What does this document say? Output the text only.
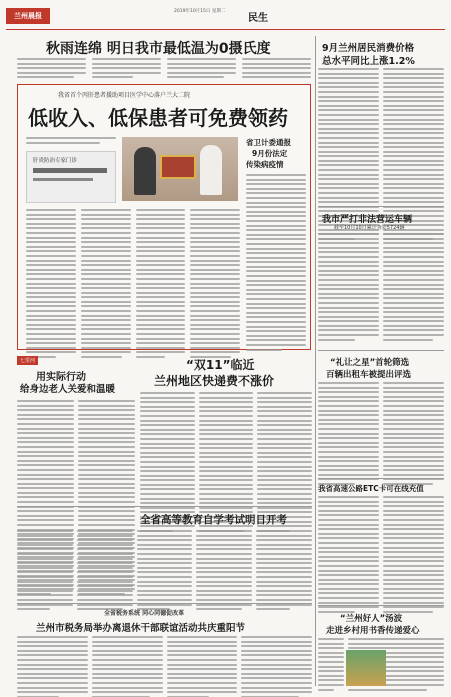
兰州晨报
2019年10月15日 星期二
民生
秋雨连绵 明日我市最低温为0摄氏度
我省首个丙肝患者援助项目医学中心落户兰大二院
低收入、低保患者可免费领药
肝炎防治专家门诊
省卫计委通报
9月份法定
传染病疫情
9月兰州居民消费价格
总水平同比上涨1.2%
我市严打非法营运车辆
截至10月10日累计查处5724辆
“礼让之星”首轮筛选
百辆出租车被提出评选
我省高速公路ETC卡可在线充值
“兰州好人”汤波
走进乡村用书香传递爱心
七里河
用实际行动
给身边老人关爱和温暖
“双11”临近
兰州地区快递费不涨价
全省高等教育自学考试明日开考
全省税务系统 同心同德促改革
兰州市税务局举办离退休干部联谊活动共庆重阳节
